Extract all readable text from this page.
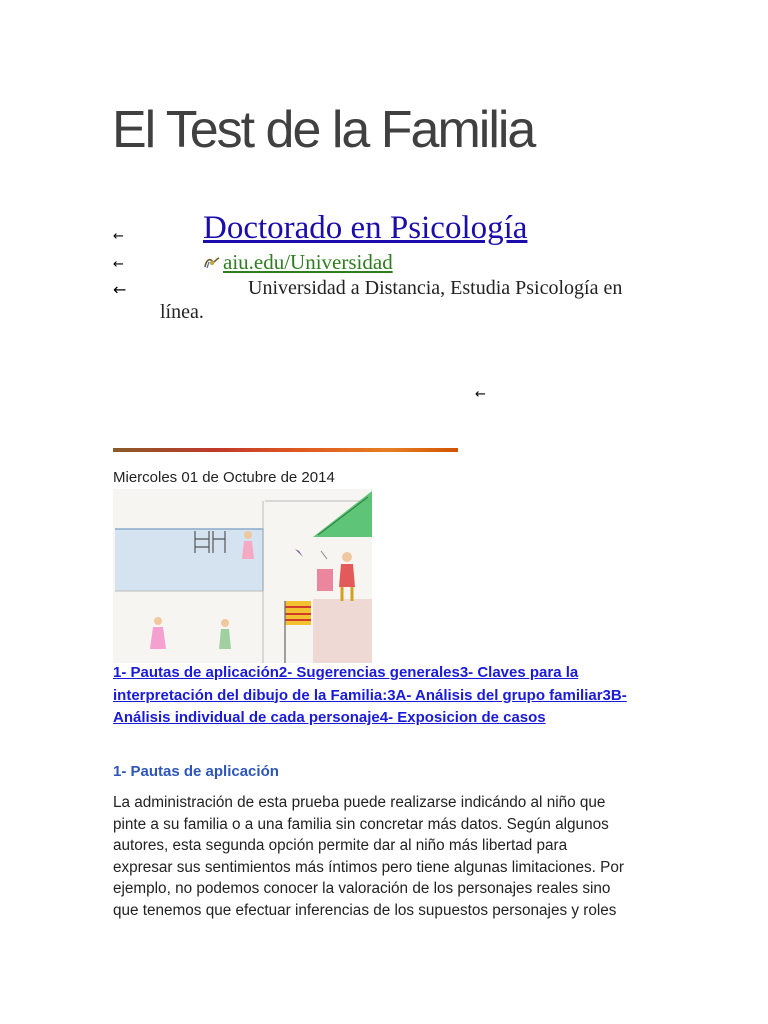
El Test de la Familia
← Doctorado en Psicología
←	aiu.edu/Universidad
←	Universidad a Distancia, Estudia Psicología en
línea.
←
Miercoles 01 de Octubre de 2014
1- Pautas de aplicación2- Sugerencias generales3- Claves para la
interpretación del dibujo de la Familia:3A- Análisis del grupo familiar3B-
Análisis individual de cada personaje4- Exposicion de casos
1- Pautas de aplicación
La administración de esta prueba puede realizarse indicándo al niño que
pinte a su familia o a una familia sin concretar más datos. Según algunos
autores, esta segunda opción permite dar al niño más libertad para
expresar sus sentimientos más íntimos pero tiene algunas limitaciones. Por
ejemplo, no podemos conocer la valoración de los personajes reales sino
que tenemos que efectuar inferencias de los supuestos personajes y roles
